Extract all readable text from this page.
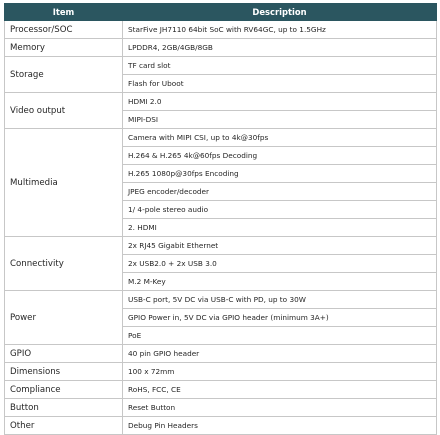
Item	Description
Processor/SOC	StarFive JH7110 64bit SoC with RV64GC, up to 1.5GHz
Memory	LPDDR4, 2GB/4GB/8GB
Storage	TF card slot
	Flash for Uboot
Video output	HDMI 2.0
	MIPI-DSI
Multimedia	Camera with MIPI CSI, up to 4k@30fps
	H.264 & H.265 4k@60fps Decoding
	H.265 1080p@30fps Encoding
	JPEG encoder/decoder
	1/ 4-pole stereo audio
	2. HDMI
Connectivity	2x RJ45 Gigabit Ethernet
	2x USB2.0 + 2x USB 3.0
	M.2 M-Key
Power	USB-C port, 5V DC via USB-C with PD, up to 30W
	GPIO Power in, 5V DC via GPIO header (minimum 3A+)
	PoE
GPIO	40 pin GPIO header
Dimensions	100 x 72mm
Compliance	RoHS, FCC, CE
Button	Reset Button
Other	Debug Pin Headers
